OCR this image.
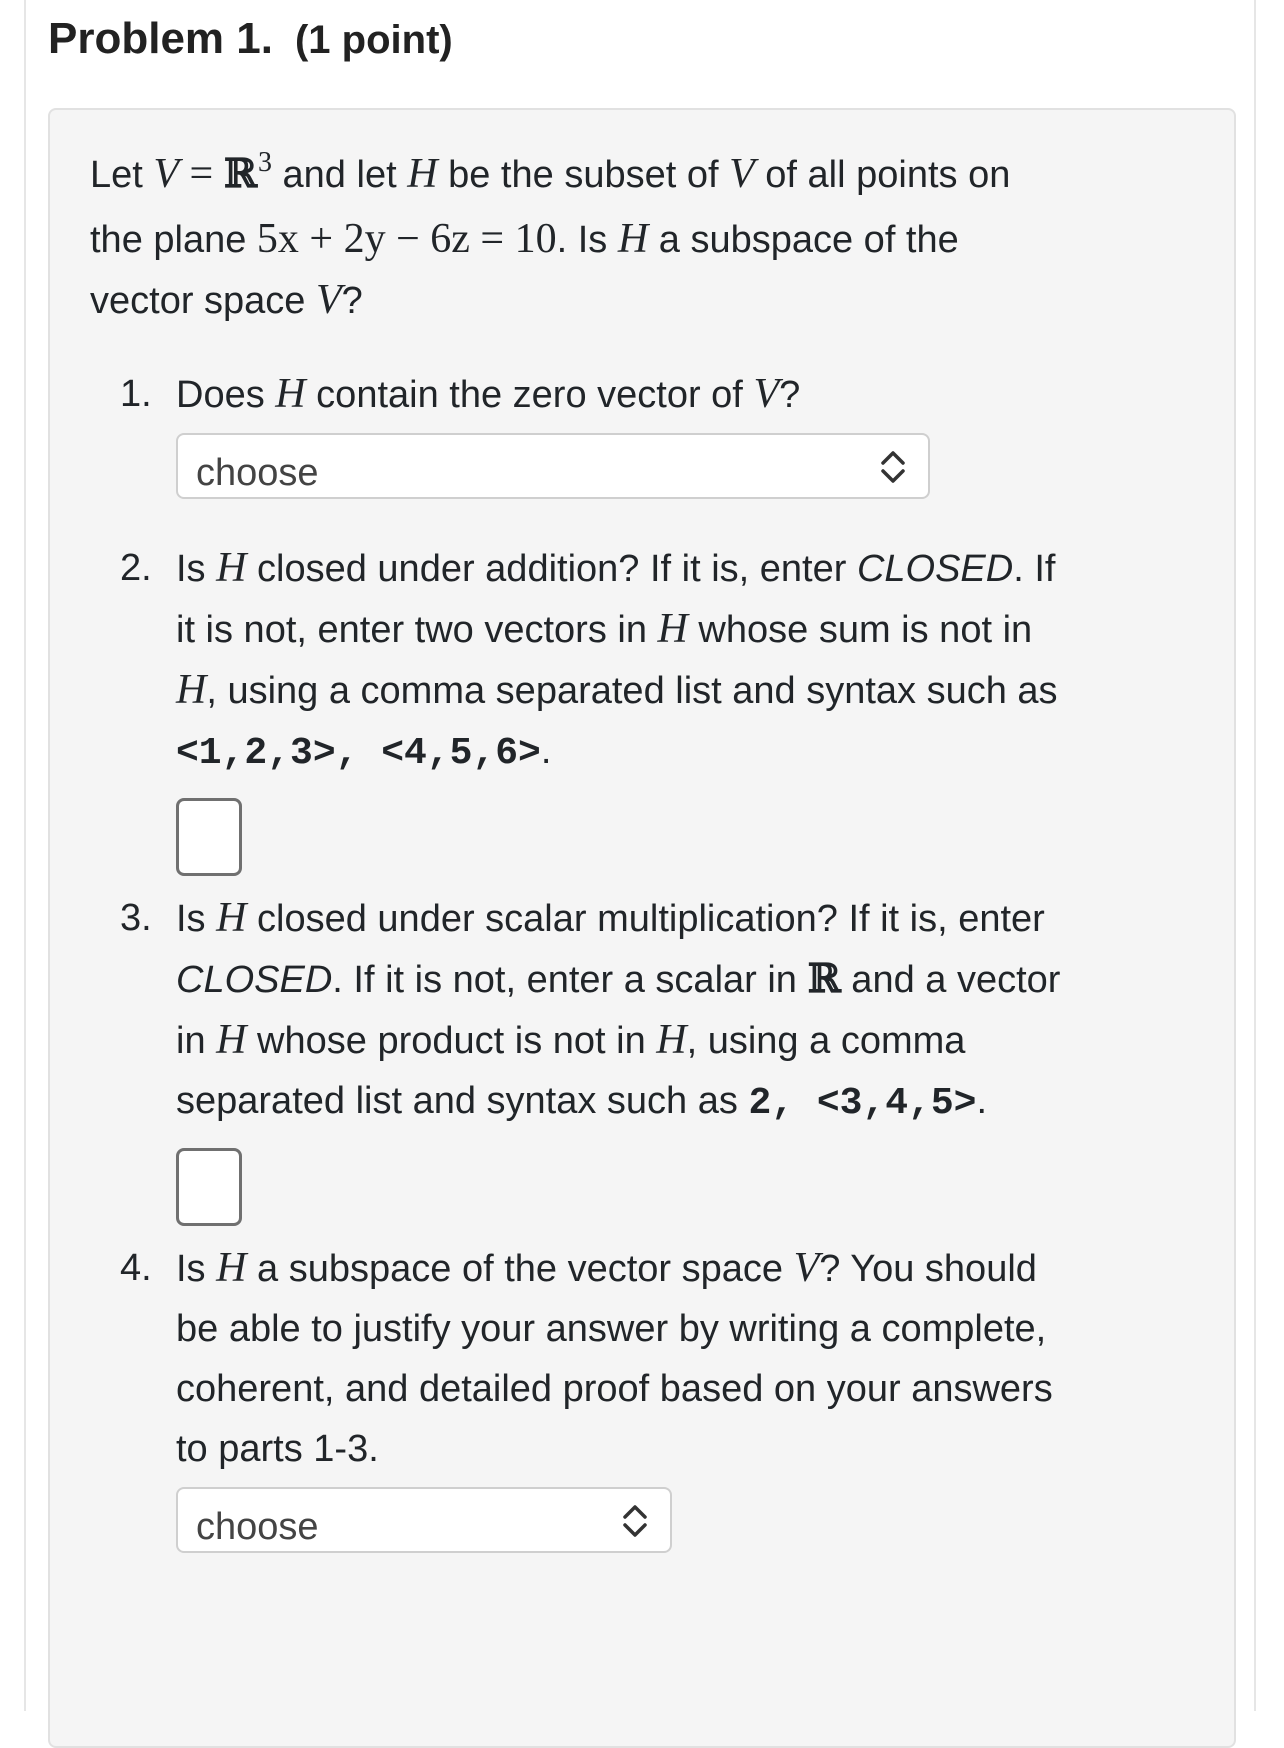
Problem 1. (1 point)
Let V = ℝ$^3$ and let H be the subset of V of all points on
the plane 5x + 2y − 6z = 10. Is H a subspace of the
vector space V?
1. Does H contain the zero vector of V?
choose
2. Is H closed under addition? If it is, enter CLOSED. If
it is not, enter two vectors in H whose sum is not in
H, using a comma separated list and syntax such as
<1,2,3>, <4,5,6>.
3. Is H closed under scalar multiplication? If it is, enter
CLOSED. If it is not, enter a scalar in ℝ and a vector
in H whose product is not in H, using a comma
separated list and syntax such as 2, <3,4,5>.
4. Is H a subspace of the vector space V? You should
be able to justify your answer by writing a complete,
coherent, and detailed proof based on your answers
to parts 1-3.
choose
